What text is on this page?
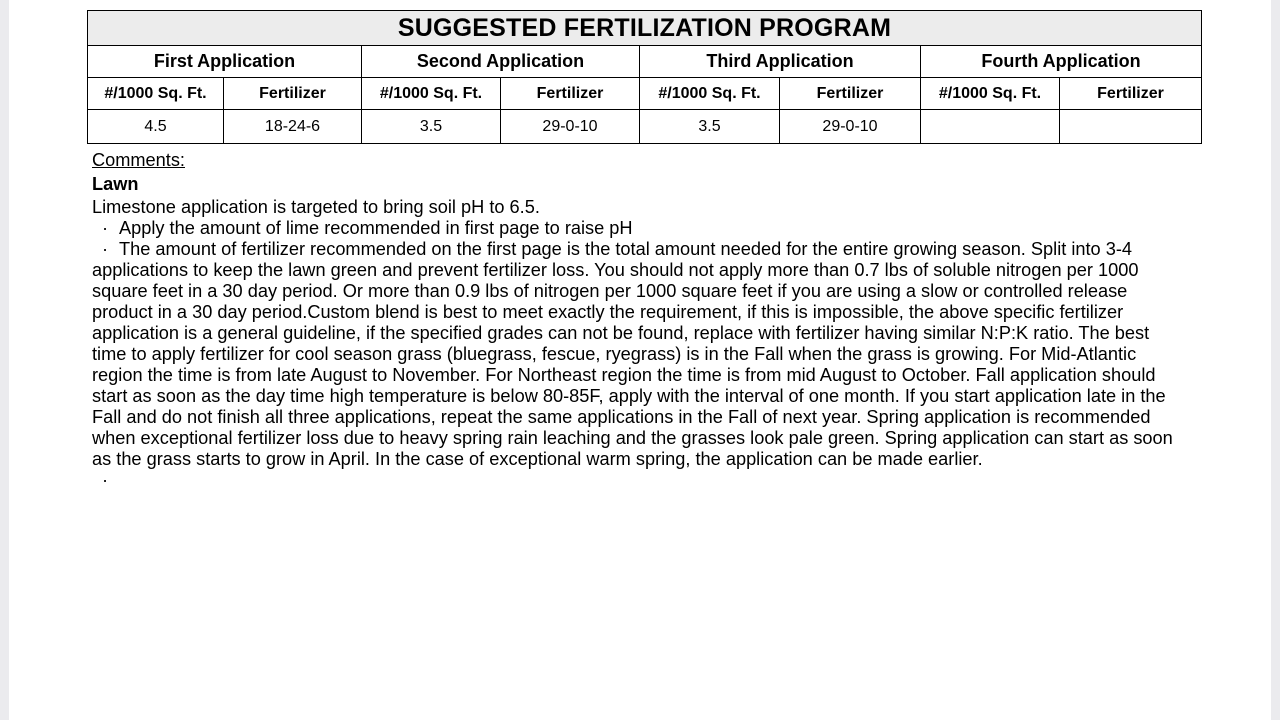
SUGGESTED FERTILIZATION PROGRAM							
First Application		Second Application		Third Application		Fourth Application	
#/1000 Sq. Ft.	Fertilizer	#/1000 Sq. Ft.	Fertilizer	#/1000 Sq. Ft.	Fertilizer	#/1000 Sq. Ft.	Fertilizer
4.5	18-24-6	3.5	29-0-10	3.5	29-0-10		
Comments:
Lawn
Limestone application is targeted to bring soil pH to 6.5.
· Apply the amount of lime recommended in first page to raise pH
· The amount of fertilizer recommended on the first page is the total amount needed for the entire growing season. Split into 3-4
applications to keep the lawn green and prevent fertilizer loss. You should not apply more than 0.7 lbs of soluble nitrogen per 1000
square feet in a 30 day period. Or more than 0.9 lbs of nitrogen per 1000 square feet if you are using a slow or controlled release
product in a 30 day period.Custom blend is best to meet exactly the requirement, if this is impossible, the above specific fertilizer
application is a general guideline, if the specified grades can not be found, replace with fertilizer having similar N:P:K ratio. The best
time to apply fertilizer for cool season grass (bluegrass, fescue, ryegrass) is in the Fall when the grass is growing. For Mid-Atlantic
region the time is from late August to November. For Northeast region the time is from mid August to October. Fall application should
start as soon as the day time high temperature is below 80-85F, apply with the interval of one month. If you start application late in the
Fall and do not finish all three applications, repeat the same applications in the Fall of next year. Spring application is recommended
when exceptional fertilizer loss due to heavy spring rain leaching and the grasses look pale green. Spring application can start as soon
as the grass starts to grow in April. In the case of exceptional warm spring, the application can be made earlier.
·
